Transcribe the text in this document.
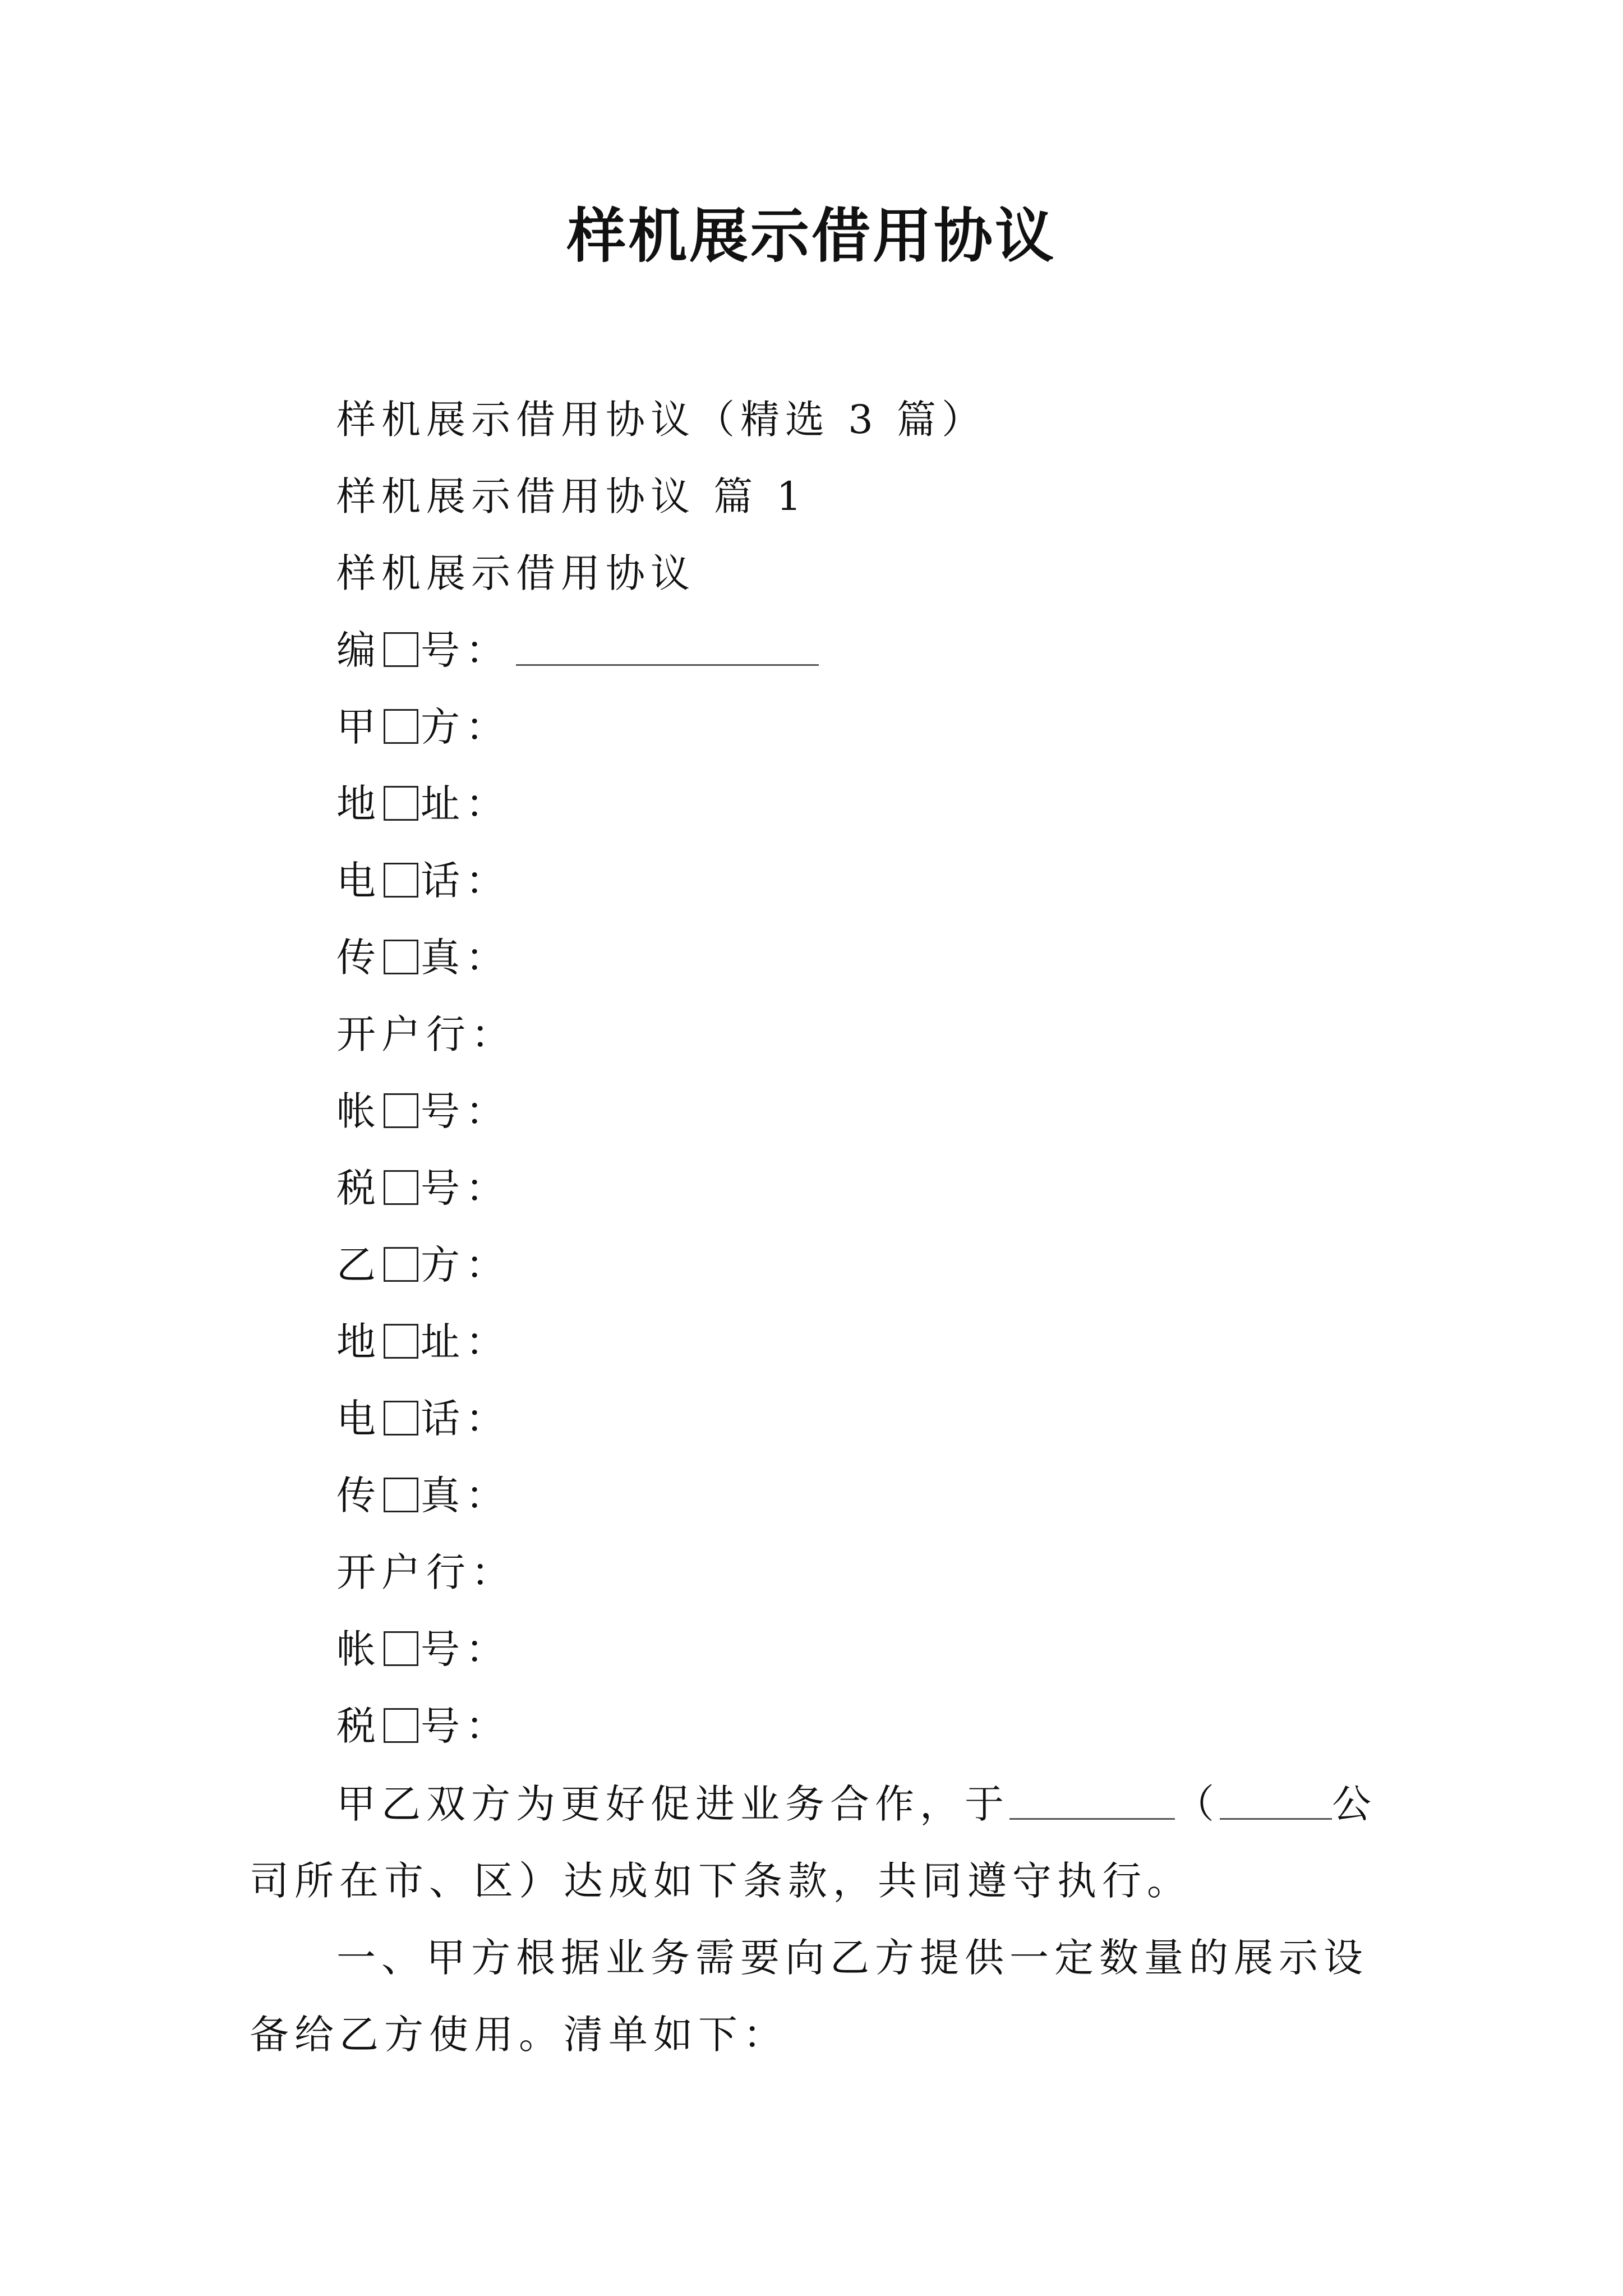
样机展示借用协议
样机展示借用协议（精选 3 篇）
样机展示借用协议 篇 1
样机展示借用协议
编 号：
甲 方：
地 址：
电 话：
传 真：
开户行：
帐 号：
税 号：
乙 方：
地 址：
电 话：
传 真：
开户行：
帐 号：
税 号：
甲乙双方为更好促进业务合作，于	（	公司所在市、区）达成如下条款，共同遵守执行。
一、甲方根据业务需要向乙方提供一定数量的展示设备给乙方使用。清单如下：
